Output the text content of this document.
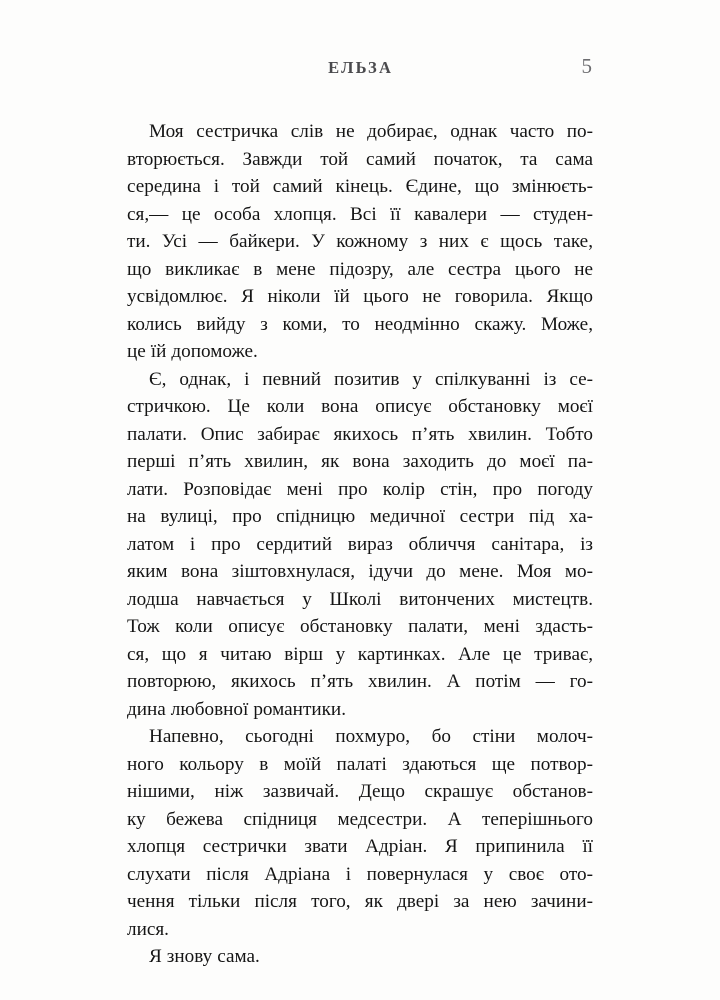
ЕЛЬЗА	5

Моя сестричка слів не добирає, однак часто по-
вторюється. Завжди той самий початок, та сама
середина і той самий кінець. Єдине, що змінюєть-
ся,— це особа хлопця. Всі її кавалери — студен-
ти. Усі — байкери. У кожному з них є щось таке,
що викликає в мене підозру, але сестра цього не
усвідомлює. Я ніколи їй цього не говорила. Якщо
колись вийду з коми, то неодмінно скажу. Може,
це їй допоможе.

Є, однак, і певний позитив у спілкуванні із се-
стричкою. Це коли вона описує обстановку моєї
палати. Опис забирає якихось п’ять хвилин. Тобто
перші п’ять хвилин, як вона заходить до моєї па-
лати. Розповідає мені про колір стін, про погоду
на вулиці, про спідницю медичної сестри під ха-
латом і про сердитий вираз обличчя санітара, із
яким вона зіштовхнулася, ідучи до мене. Моя мо-
лодша навчається у Школі витончених мистецтв.
Тож коли описує обстановку палати, мені здасть-
ся, що я читаю вірш у картинках. Але це триває,
повторюю, якихось п’ять хвилин. А потім — го-
дина любовної романтики.

Напевно, сьогодні похмуро, бо стіни молоч-
ного кольору в моїй палаті здаються ще потвор-
нішими, ніж зазвичай. Дещо скрашує обстанов-
ку бежева спідниця медсестри. А теперішнього
хлопця сестрички звати Адріан. Я припинила її
слухати після Адріана і повернулася у своє ото-
чення тільки після того, як двері за нею зачини-
лися.

Я знову сама.
